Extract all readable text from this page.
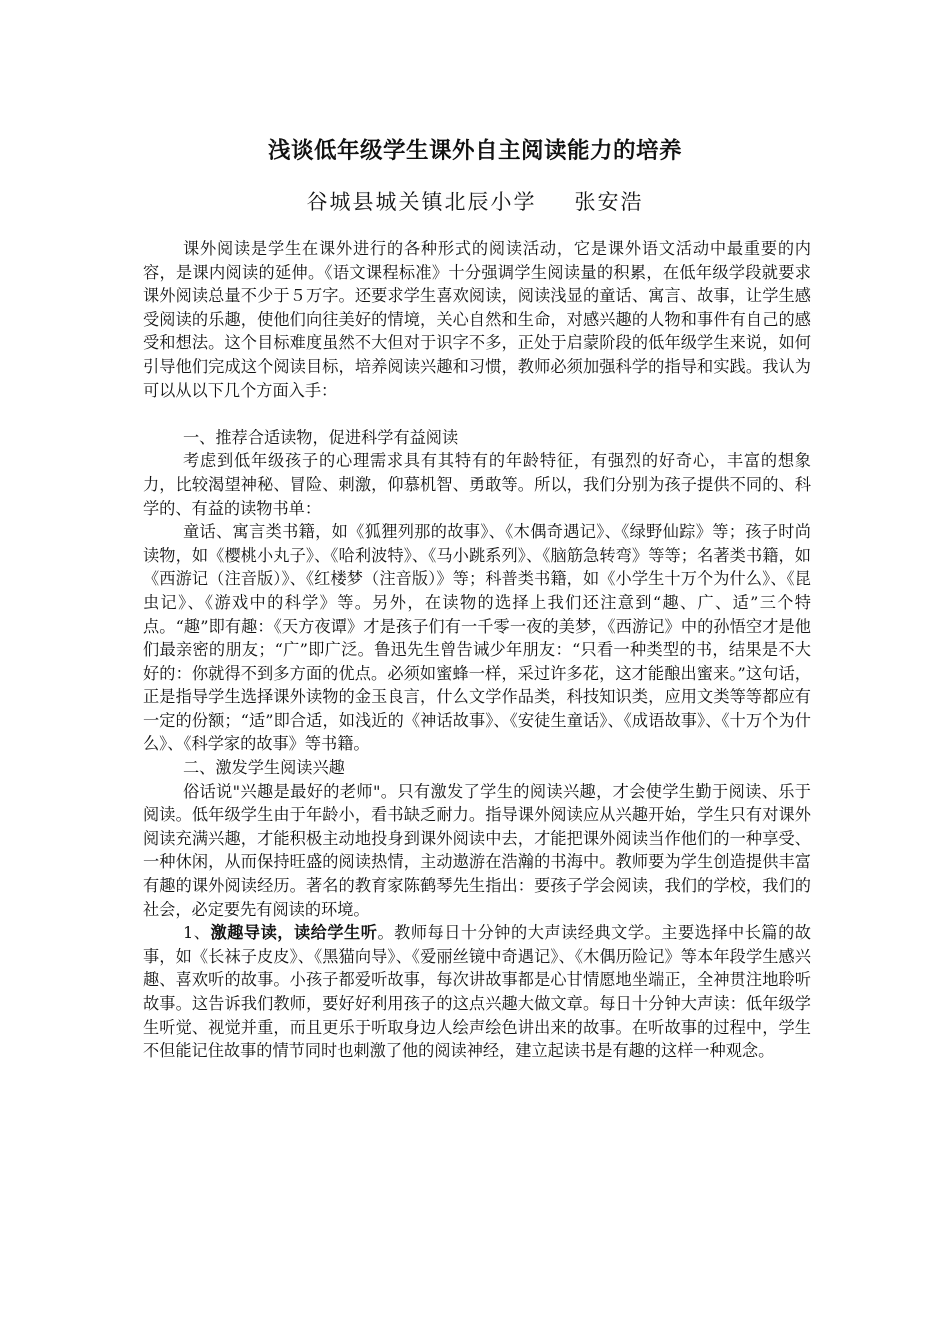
浅谈低年级学生课外自主阅读能力的培养
谷城县城关镇北辰小学 张安浩

课外阅读是学生在课外进行的各种形式的阅读活动，它是课外语文活动中最重要的内容，是课内阅读的延伸。《语文课程标准》十分强调学生阅读量的积累，在低年级学段就要求课外阅读总量不少于５万字。还要求学生喜欢阅读，阅读浅显的童话、寓言、故事，让学生感受阅读的乐趣，使他们向往美好的情境，关心自然和生命，对感兴趣的人物和事件有自己的感受和想法。这个目标难度虽然不大但对于识字不多，正处于启蒙阶段的低年级学生来说，如何引导他们完成这个阅读目标，培养阅读兴趣和习惯，教师必须加强科学的指导和实践。我认为可以从以下几个方面入手：

一、推荐合适读物，促进科学有益阅读

考虑到低年级孩子的心理需求具有其特有的年龄特征，有强烈的好奇心，丰富的想象力，比较渴望神秘、冒险、刺激，仰慕机智、勇敢等。所以，我们分别为孩子提供不同的、科学的、有益的读物书单：

童话、寓言类书籍，如《狐狸列那的故事》、《木偶奇遇记》、《绿野仙踪》等；孩子时尚读物，如《樱桃小丸子》、《哈利波特》、《马小跳系列》、《脑筋急转弯》等等；名著类书籍，如《西游记（注音版）》、《红楼梦（注音版）》等；科普类书籍，如《小学生十万个为什么》、《昆虫记》、《游戏中的科学》等。另外，在读物的选择上我们还注意到“趣、广、适”三个特点。“趣”即有趣：《天方夜谭》才是孩子们有一千零一夜的美梦，《西游记》中的孙悟空才是他们最亲密的朋友；“广”即广泛。鲁迅先生曾告诫少年朋友：“只看一种类型的书，结果是不大好的：你就得不到多方面的优点。必须如蜜蜂一样，采过许多花，这才能酿出蜜来。”这句话，正是指导学生选择课外读物的金玉良言，什么文学作品类，科技知识类，应用文类等等都应有一定的份额；“适”即合适，如浅近的《神话故事》、《安徒生童话》、《成语故事》、《十万个为什么》、《科学家的故事》等书籍。

二、激发学生阅读兴趣

俗话说"兴趣是最好的老师"。只有激发了学生的阅读兴趣，才会使学生勤于阅读、乐于阅读。低年级学生由于年龄小，看书缺乏耐力。指导课外阅读应从兴趣开始，学生只有对课外阅读充满兴趣，才能积极主动地投身到课外阅读中去，才能把课外阅读当作他们的一种享受、一种休闲，从而保持旺盛的阅读热情，主动遨游在浩瀚的书海中。教师要为学生创造提供丰富有趣的课外阅读经历。著名的教育家陈鹤琴先生指出：要孩子学会阅读，我们的学校，我们的社会，必定要先有阅读的环境。

1、激趣导读，读给学生听。教师每日十分钟的大声读经典文学。主要选择中长篇的故事，如《长袜子皮皮》、《黑猫向导》、《爱丽丝镜中奇遇记》、《木偶历险记》等本年段学生感兴趣、喜欢听的故事。小孩子都爱听故事，每次讲故事都是心甘情愿地坐端正，全神贯注地聆听故事。这告诉我们教师，要好好利用孩子的这点兴趣大做文章。每日十分钟大声读：低年级学生听觉、视觉并重，而且更乐于听取身边人绘声绘色讲出来的故事。在听故事的过程中，学生不但能记住故事的情节同时也刺激了他的阅读神经，建立起读书是有趣的这样一种观念。
